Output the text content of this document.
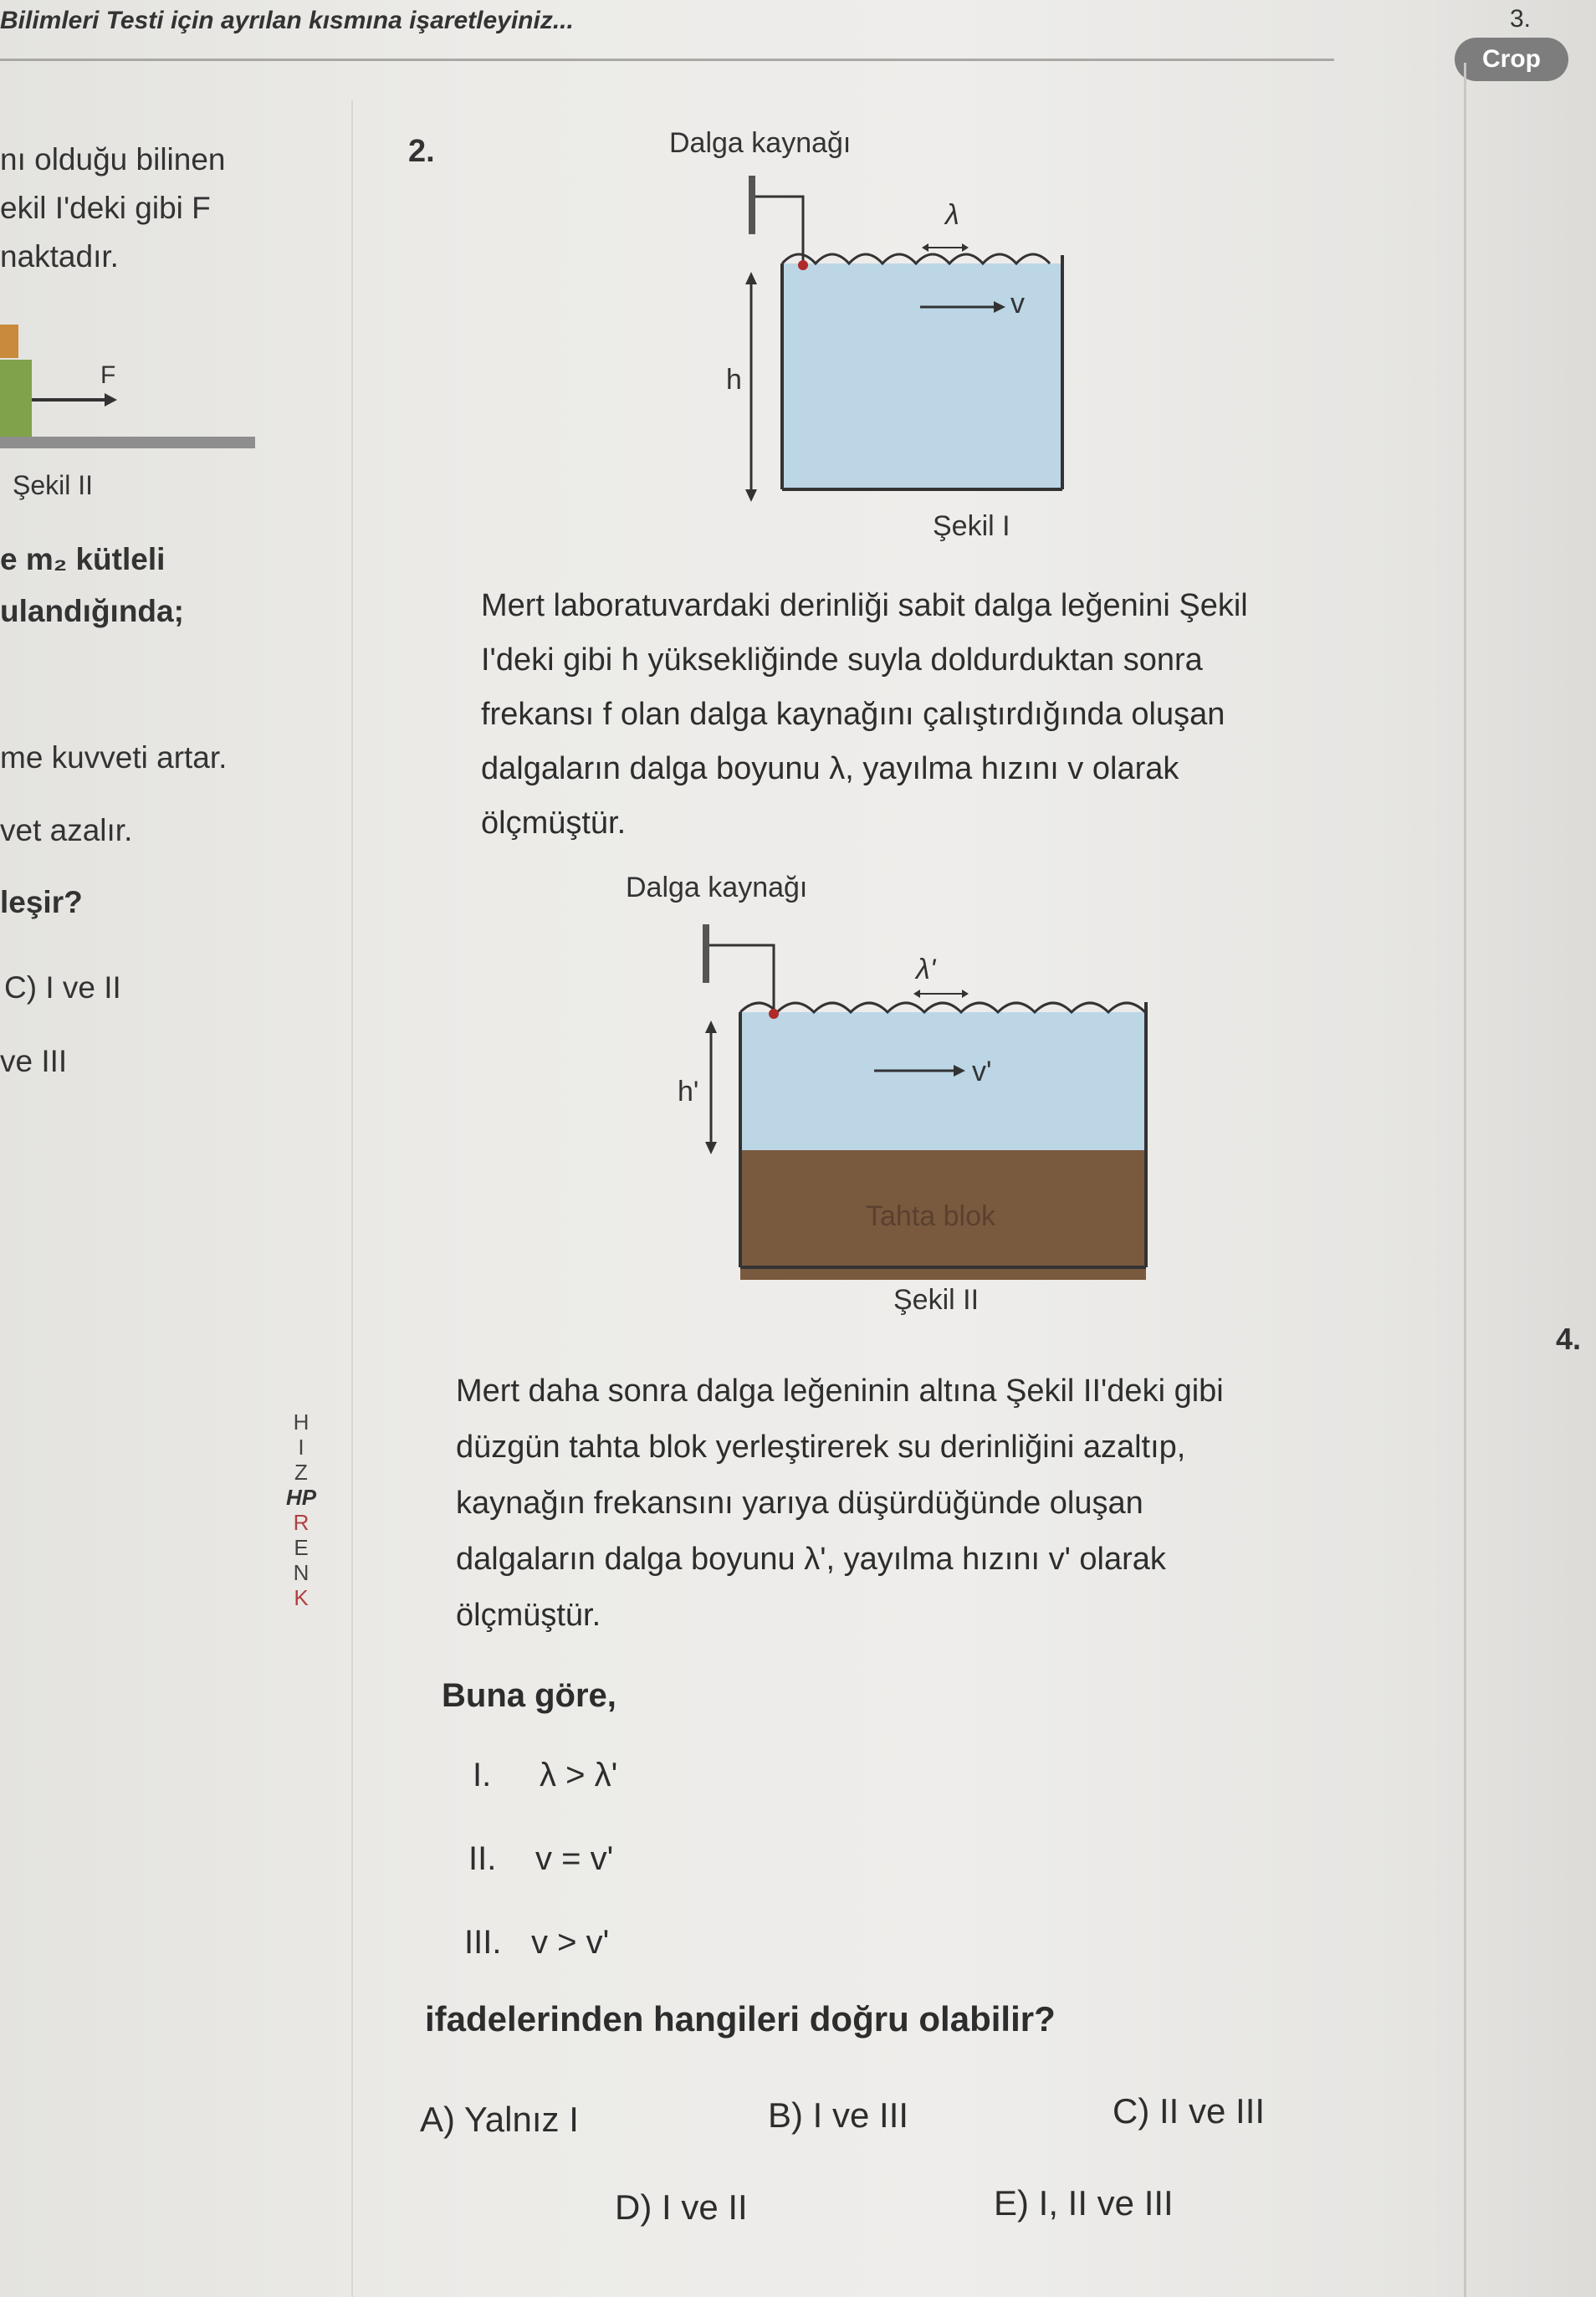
Bilimleri Testi için ayrılan kısmına işaretleyiniz...	3.
Crop
nı olduğu bilinen
ekil I'deki gibi F
naktadır.
F
Şekil II
e m₂ kütleli
ulandığında;
me kuvveti artar.
vet azalır.
leşir?
C) I ve II
ve III
2.	Dalga kaynağı
λ
v
h
Şekil I
Mert laboratuvardaki derinliği sabit dalga leğenini Şekil
I'deki gibi h yüksekliğinde suyla doldurduktan sonra
frekansı f olan dalga kaynağını çalıştırdığında oluşan
dalgaların dalga boyunu λ, yayılma hızını v olarak
ölçmüştür.
Dalga kaynağı
λ'
v'
h'
Tahta blok
Şekil II
Mert daha sonra dalga leğeninin altına Şekil II'deki gibi
düzgün tahta blok yerleştirerek su derinliğini azaltıp,
kaynağın frekansını yarıya düşürdüğünde oluşan
dalgaların dalga boyunu λ', yayılma hızını v' olarak
ölçmüştür.
H
I
Z
HP
R
E
N
K
4.
Buna göre,
I. λ > λ'
II. v = v'
III. v > v'
ifadelerinden hangileri doğru olabilir?
A) Yalnız I	B) I ve III	C) II ve III
D) I ve II	E) I, II ve III
